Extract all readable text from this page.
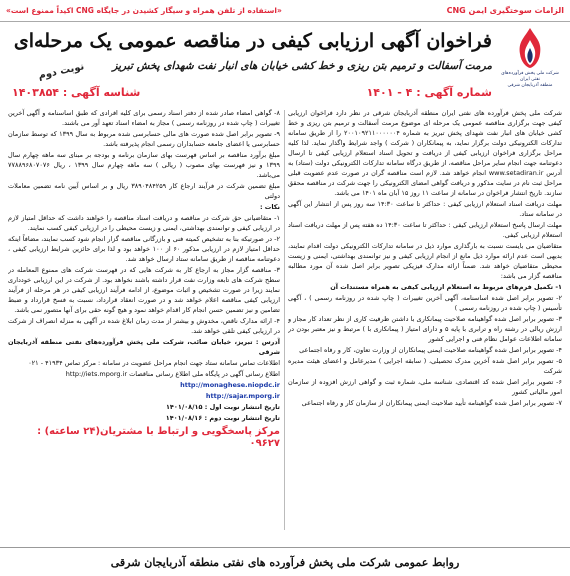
الزامات سوختگیری ایمن CNG
«استفاده از تلفن همراه و سیگار کشیدن در جایگاه CNG اکیداً ممنوع است»
شرکت ملی پخش فرآورده‌های نفتی ایران
منطقه آذربایجان شرقی
فراخوان آگهی ارزیابی کیفی در مناقصه عمومی یک مرحله‌ای
نوبت دوم	مرمت آسفالت و ترمیم بتن ریزی و خط کشی خیابان های انبار نفت شهدای پخش تبریز
شماره آگهی : ۴ - ۱۴۰۱
شناسه آگهی : ۱۴۰۳۸۵۴

شرکت ملی پخش فرآورده های نفتی ایران منطقه آذربایجان شرقی در نظر دارد فراخوان ارزیابی کیفی جهت برگزاری مناقصه عمومی یک مرحله ای موضوع مرمت آسفالت و ترمیم بتن ریزی و خط کشی خیابان های انبار نفت شهدای پخش تبریز به شماره ۲۰۰۱۰۹۲۱۱۰۰۰۰۰۰۴ را از طریق سامانه تدارکات الکترونیکی دولت برگزار نماید، به پیمانکاران ( شرکت ) واجد شرایط واگذار نماید. لذا کلیه مراحل برگزاری فراخوان ارزیابی کیفی از دریافت و تحویل اسناد استعلام ارزیابی کیفی تا ارسال دعوتنامه جهت انجام سایر مراحل مناقصه، از طریق درگاه سامانه تدارکات الکترونیکی دولت (ستاد) به آدرس www.setadiran.ir انجام خواهد شد. لازم است مناقصه گران در صورت عدم عضویت قبلی مراحل ثبت نام در سایت مذکور و دریافت گواهی امضای الکترونیکی را جهت شرکت در مناقصه محقق سازند. تاریخ انتشار فراخوان در سامانه از ساعت ۱۱ روز ۱۵ آبان ماه ۱۴۰۱ می باشد.

مهلت دریافت اسناد استعلام ارزیابی کیفی : حداکثر تا ساعت ۱۴:۳۰ سه روز پس از انتشار این آگهی در سامانه ستاد.

مهلت ارسال پاسخ استعلام ارزیابی کیفی : حداکثر تا ساعت ۱۴:۳۰ ده هفته پس از مهلت دریافت اسناد استعلام ارزیابی کیفی.

متقاضیان می بایست نسبت به بارگذاری موارد ذیل در سامانه تدارکات الکترونیکی دولت اقدام نمایند، بدیهی است عدم ارائه موارد ذیل مانع از انجام ارزیابی کیفی و نیز توانمندی بهداشتی، ایمنی و زیست محیطی متقاضیان خواهد شد. ضمناً ارائه مدارک فیزیکی تصویر برابر اصل شده آن مورد مطالبه مناقصه گزار می باشد:

۱- تکمیل فرم‌های مربوط به استعلام ارزیابی کیفی به همراه مستندات آن

۲- تصویر برابر اصل شده اساسنامه، آگهی آخرین تغییرات ( چاپ شده در روزنامه رسمی ) ، آگهی تأسیس ( چاپ شده در روزنامه رسمی )

۳- تصویر برابر اصل شده گواهینامه صلاحیت پیمانکاری با داشتن ظرفیت کاری از نظر تعداد کار مجاز و ارزش ریالی در رشته راه و ترابری با پایه ۵ و دارای امتیاز ( پیمانکاری با ) مرتبط و نیز معتبر بودن در سامانه اطلاعات عوامل نظام فنی و اجرایی کشور

۴- تصویر برابر اصل شده گواهینامه صلاحیت ایمنی پیمانکاران از وزارت تعاون، کار و رفاه اجتماعی

۵- تصویر برابر اصل شده آخرین مدرک تحصیلی، ( سابقه اجرایی ) مدیرعامل و اعضای هیئت مدیره شرکت

۶- تصویر برابر اصل شده کد اقتصادی، شناسه ملی، شماره ثبت و گواهی ارزش افزوده از سازمان امور مالیاتی کشور

۷- تصویر برابر اصل شده گواهینامه تأیید صلاحیت ایمنی پیمانکاران از سازمان کار و رفاه اجتماعی

۸- گواهی امضاء صادر شده از دفتر اسناد رسمی برای کلیه افرادی که طبق اساسنامه و آگهی آخرین تغییرات ( چاپ شده در روزنامه رسمی ) مجاز به امضاء اسناد تعهد آور می باشند.

۹- تصویر برابر اصل شده صورت های مالی حسابرسی شده مربوط به سال ۱۳۹۹ که توسط سازمان حسابرسی یا اعضای جامعه حسابداران رسمی انجام پذیرفته باشد.

مبلغ برآورد مناقصه بر اساس فهرست بهای سازمان برنامه و بودجه بر مبنای سه ماهه چهارم سال ۱۳۹۹ و نیز فهرست بهای مصوب ( ریالی ) سه ماهه چهارم سال ۱۳۹۹ ، ریال ۷۷۸۸۹۶۸۰۷۰۷۶ می‌باشد.

مبلغ تضمین شرکت در فرآیند ارجاع کار ۳۸۹۰۴۸۴۲۵۹ ریال و بر اساس آیین نامه تضمین معاملات دولتی

نکات :

۱- متقاضیانی حق شرکت در مناقصه و دریافت اسناد مناقصه را خواهند داشت که حداقل امتیاز لازم در ارزیابی کیفی و توانمندی بهداشتی، ایمنی و زیست محیطی را در ارزیابی کیفی کسب نمایند.

۲- در صورتیکه بنا به تشخیص کمیته فنی و بازرگانی مناقصه گزار انجام شود کسب نمایند، مضافاً اینکه حداقل امتیاز لازم در ارزیابی مذکور ۶۰ از ۱۰۰ خواهد بود و لذا برای حائزین شرایط ارزیابی کیفی ، دعوتنامه مناقصه از طریق سامانه ستاد ارسال خواهد شد.

۳- مناقصه گزار مجاز به ارجاع کار به شرکت هایی که در فهرست شرکت های ممنوع المعامله در سطح شرکت های تابعه وزارت نفت قرار داشته باشند نخواهد بود. از شرکت در این ارزیابی خودداری نمایند زیرا در صورت تشخیص و اثبات موضوع، از ادامه فرآیند ارزیابی کیفی در هر مرحله از فرآیند ارزیابی کیفی مناقصه اعلام خواهد شد و در صورت انعقاد قرارداد، نسبت به فسخ قرارداد و ضبط تضامین و نیز تضمین حسن انجام کار اقدام خواهد نمود و هیچ گونه حقی برای آنها متصور نمی باشد.

۴- ارائه مدارک ناقص، مخدوش و بیشتر از مدت زمان ابلاغ شده در آگهی به منزله انصراف از شرکت در ارزیابی کیفی تلقی خواهد شد.

آدرس : تبریز، خیابان صائب، شرکت ملی پخش فرآورده‌های نفتی منطقه آذربایجان شرقی

اطلاعات تماس سامانه ستاد جهت انجام مراحل عضویت در سامانه : مرکز تماس ۴۱۹۳۴ - ۰۲۱

اطلاع رسانی آگهی در پایگاه ملی اطلاع رسانی مناقصات http://iets.mporg.ir

http://monaghese.niopdc.ir

http://sajar.mporg.ir

تاریخ انتشار نوبت اول : ۱۴۰۱/۰۸/۱۵

تاریخ انتشار نوبت دوم : ۱۴۰۱/۰۸/۱۶

مرکز پاسخگویی و ارتباط با مشتریان(۲۴ ساعته) : ۰۹۶۲۷
روابط عمومی شرکت ملی پخش فرآورده های نفتی منطقه آذربایجان شرقی
